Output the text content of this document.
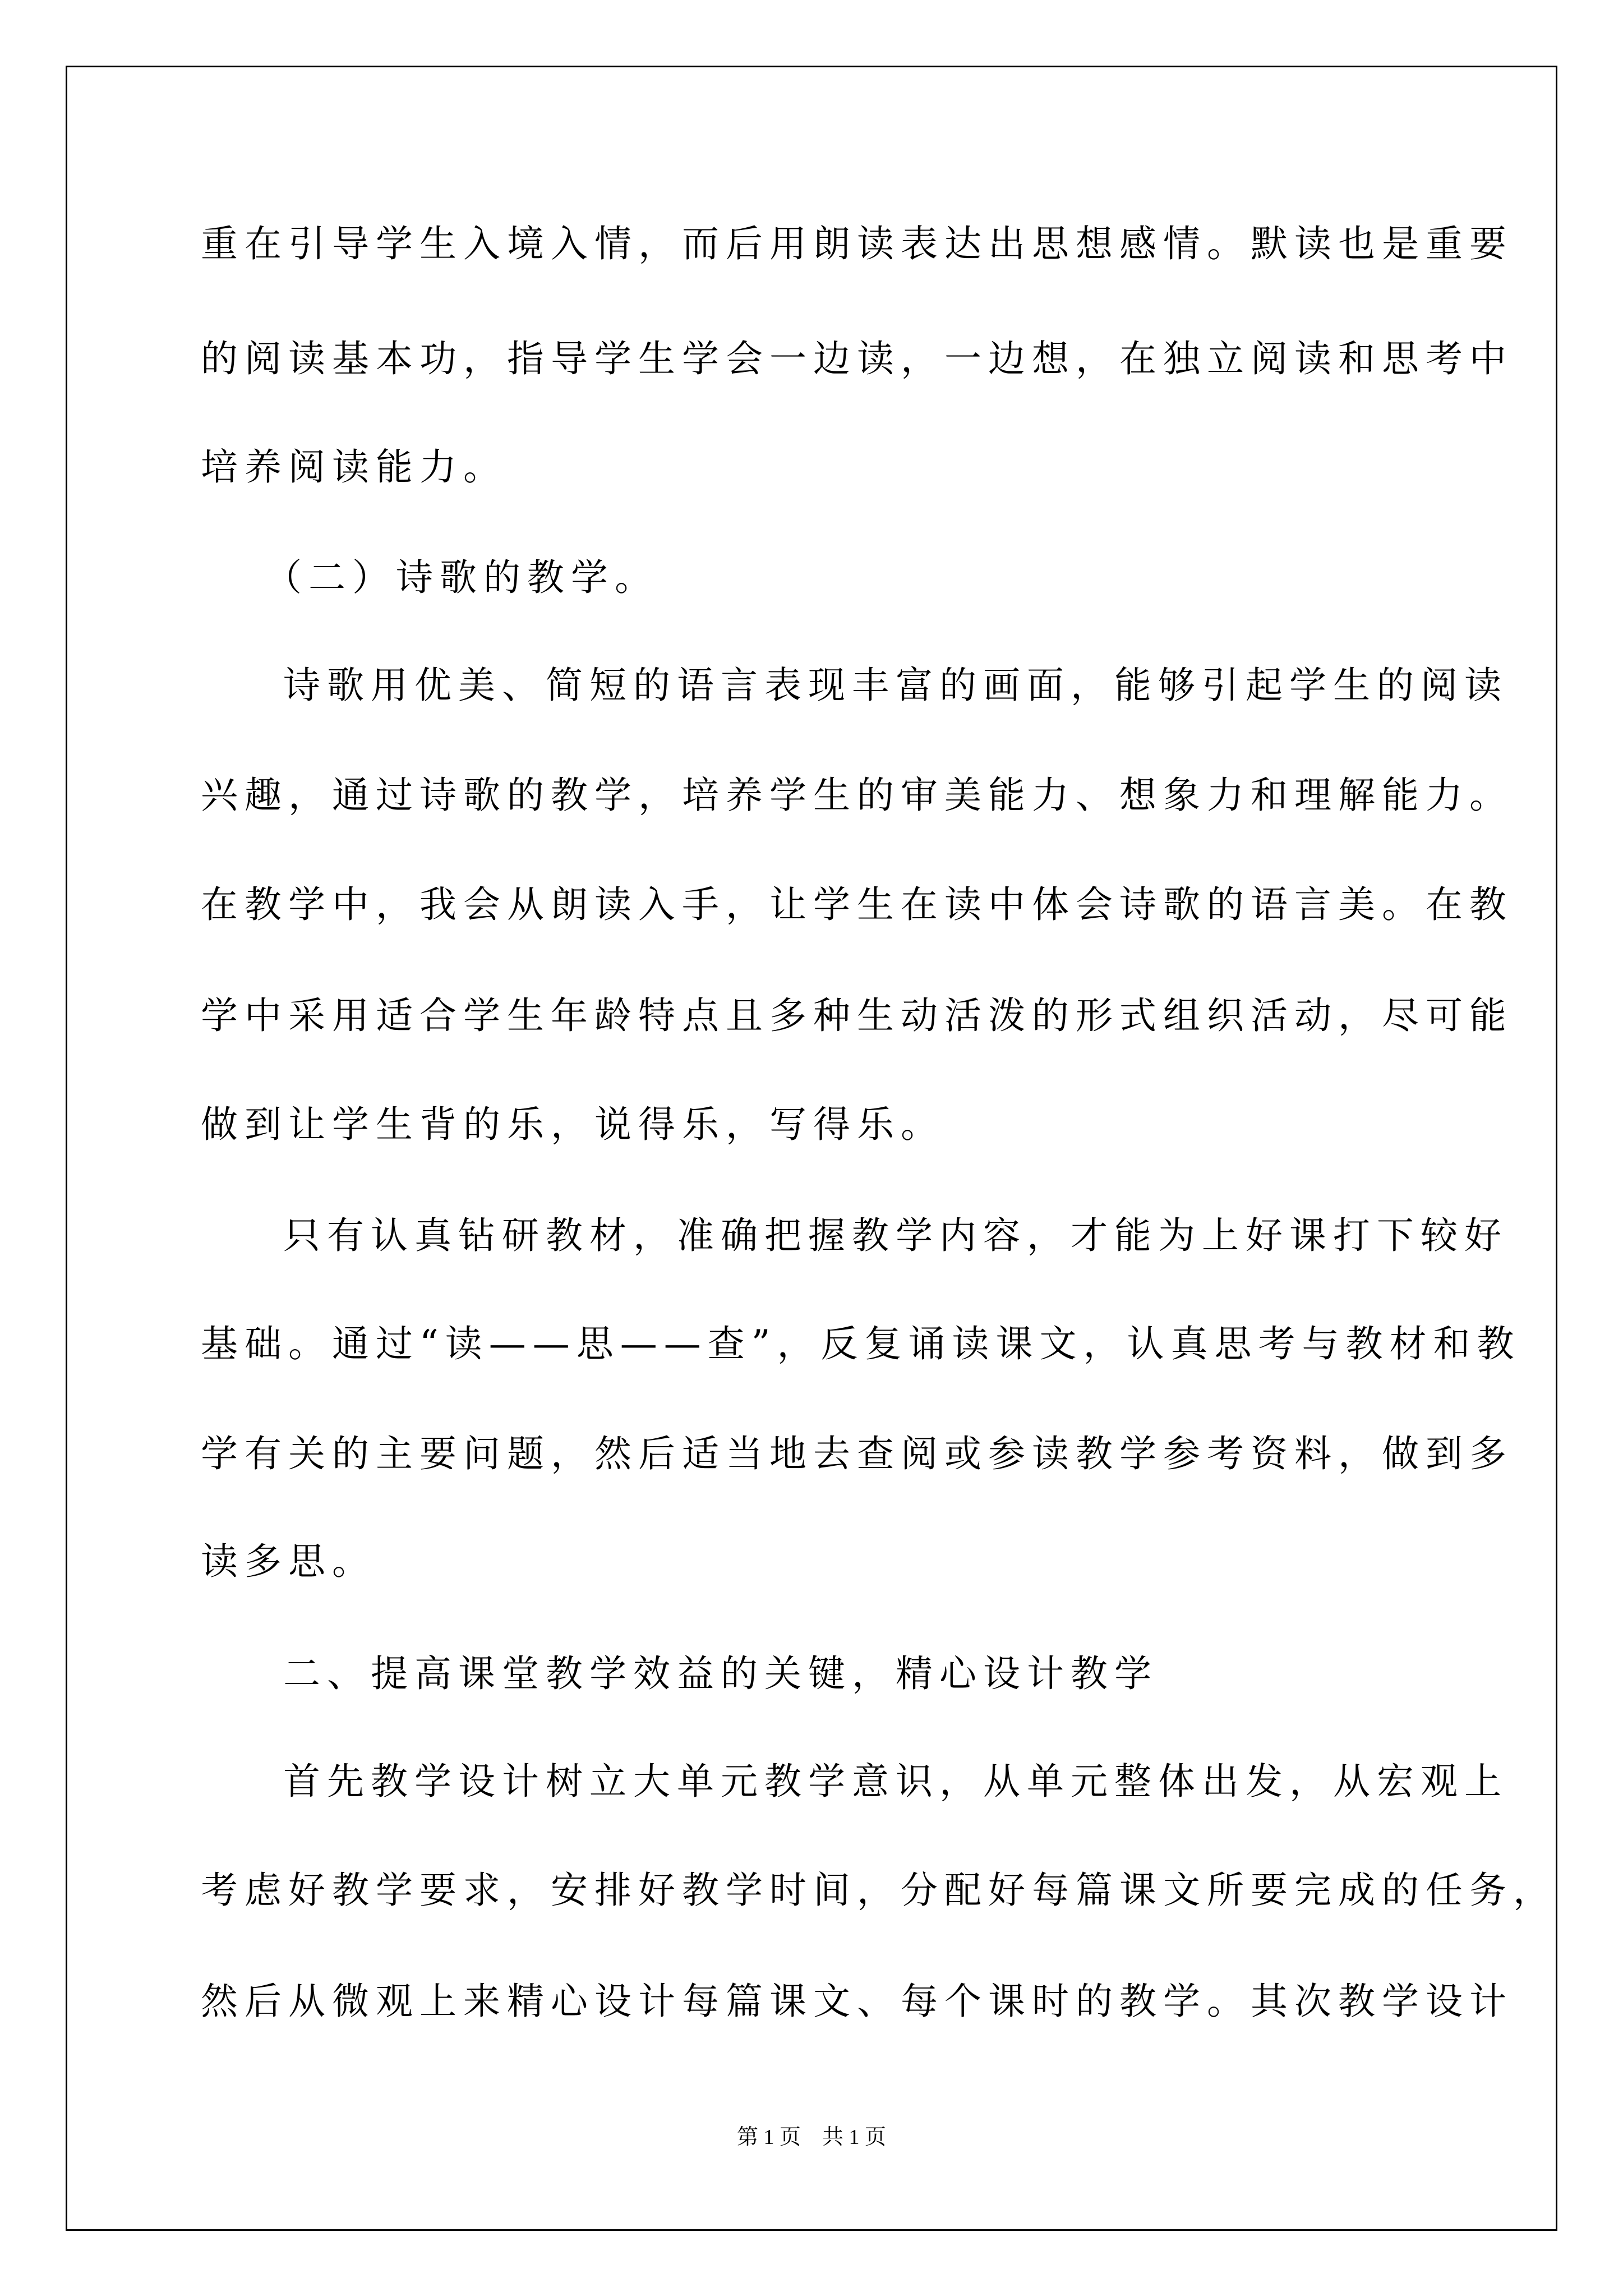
重在引导学生入境入情，而后用朗读表达出思想感情。默读也是重要
的阅读基本功，指导学生学会一边读，一边想，在独立阅读和思考中
培养阅读能力。
（二）诗歌的教学。
诗歌用优美、简短的语言表现丰富的画面，能够引起学生的阅读
兴趣，通过诗歌的教学，培养学生的审美能力、想象力和理解能力。
在教学中，我会从朗读入手，让学生在读中体会诗歌的语言美。在教
学中采用适合学生年龄特点且多种生动活泼的形式组织活动，尽可能
做到让学生背的乐，说得乐，写得乐。
只有认真钻研教材，准确把握教学内容，才能为上好课打下较好
基础。通过“读——思——查”，反复诵读课文，认真思考与教材和教
学有关的主要问题，然后适当地去查阅或参读教学参考资料，做到多
读多思。
二、提高课堂教学效益的关键，精心设计教学
首先教学设计树立大单元教学意识，从单元整体出发，从宏观上
考虑好教学要求，安排好教学时间，分配好每篇课文所要完成的任务，
然后从微观上来精心设计每篇课文、每个课时的教学。其次教学设计
第 1 页　共 1 页
